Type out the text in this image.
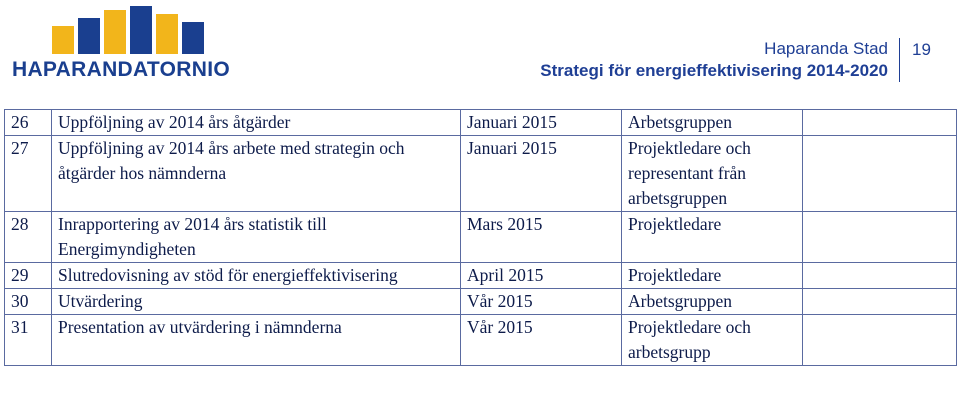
HAPARANDATORNIO
Haparanda Stad
Strategi för energieffektivisering 2014-2020
19
26	Uppföljning av 2014 års åtgärder	Januari 2015	Arbetsgruppen	
27	Uppföljning av 2014 års arbete med strategin och åtgärder hos nämnderna	Januari 2015	Projektledare och representant från arbetsgruppen	
28	Inrapportering av 2014 års statistik till Energimyndigheten	Mars 2015	Projektledare	
29	Slutredovisning av stöd för energieffektivisering	April 2015	Projektledare	
30	Utvärdering	Vår 2015	Arbetsgruppen	
31	Presentation av utvärdering i nämnderna	Vår 2015	Projektledare och arbetsgrupp	
